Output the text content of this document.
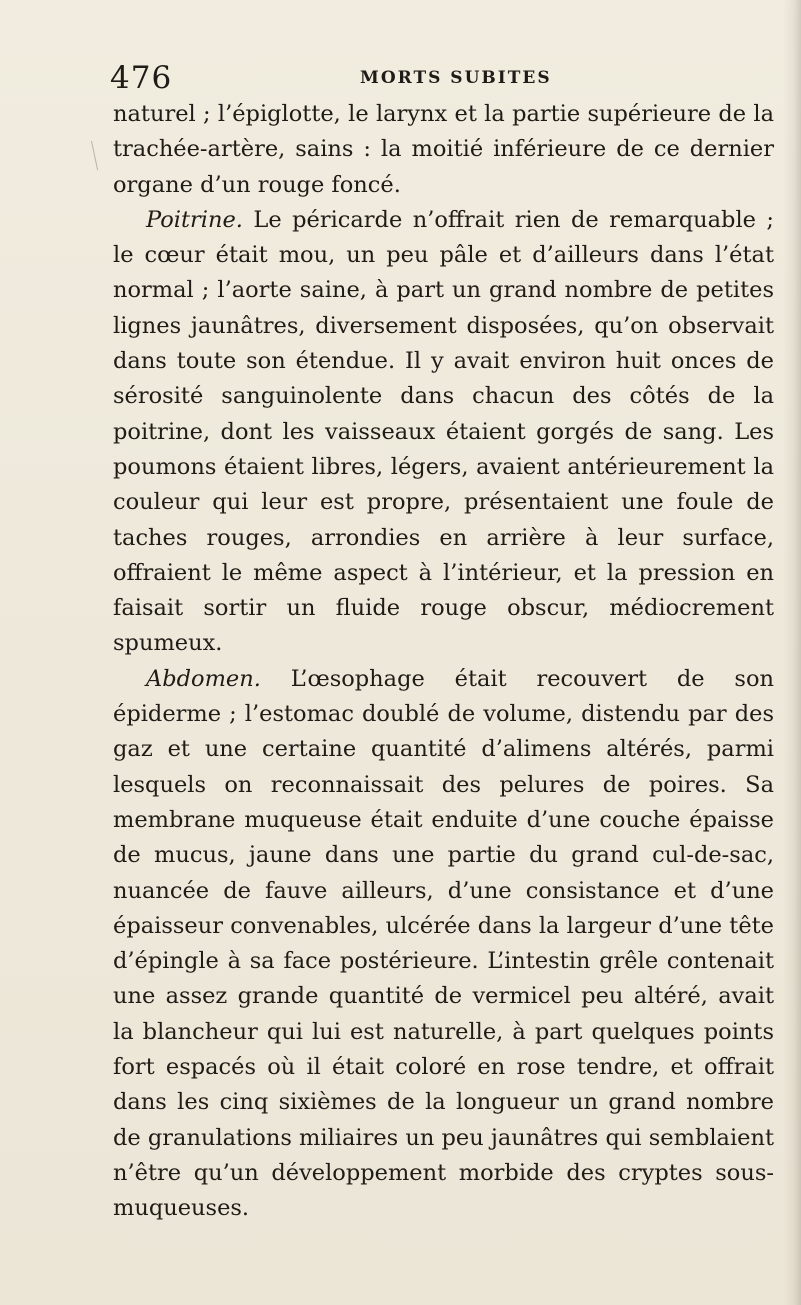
476	MORTS SUBITES

naturel ; l’épiglotte, le larynx et la partie supérieure de la trachée-artère, sains : la moitié inférieure de ce dernier organe d’un rouge foncé.

Poitrine. Le péricarde n’offrait rien de remarquable ; le cœur était mou, un peu pâle et d’ailleurs dans l’état normal ; l’aorte saine, à part un grand nombre de petites lignes jaunâtres, diversement disposées, qu’on observait dans toute son étendue. Il y avait environ huit onces de sérosité sanguinolente dans chacun des côtés de la poitrine, dont les vaisseaux étaient gorgés de sang. Les poumons étaient libres, légers, avaient antérieurement la couleur qui leur est propre, présentaient une foule de taches rouges, arrondies en arrière à leur surface, offraient le même aspect à l’intérieur, et la pression en faisait sortir un fluide rouge obscur, médiocrement spumeux.

Abdomen. L’œsophage était recouvert de son épiderme ; l’estomac doublé de volume, distendu par des gaz et une certaine quantité d’alimens altérés, parmi lesquels on reconnaissait des pelures de poires. Sa membrane muqueuse était enduite d’une couche épaisse de mucus, jaune dans une partie du grand cul-de-sac, nuancée de fauve ailleurs, d’une consistance et d’une épaisseur convenables, ulcérée dans la largeur d’une tête d’épingle à sa face postérieure. L’intestin grêle contenait une assez grande quantité de vermicel peu altéré, avait la blancheur qui lui est naturelle, à part quelques points fort espacés où il était coloré en rose tendre, et offrait dans les cinq sixièmes de la longueur un grand nombre de granulations miliaires un peu jaunâtres qui semblaient n’être qu’un développement morbide des cryptes sous-muqueuses.
